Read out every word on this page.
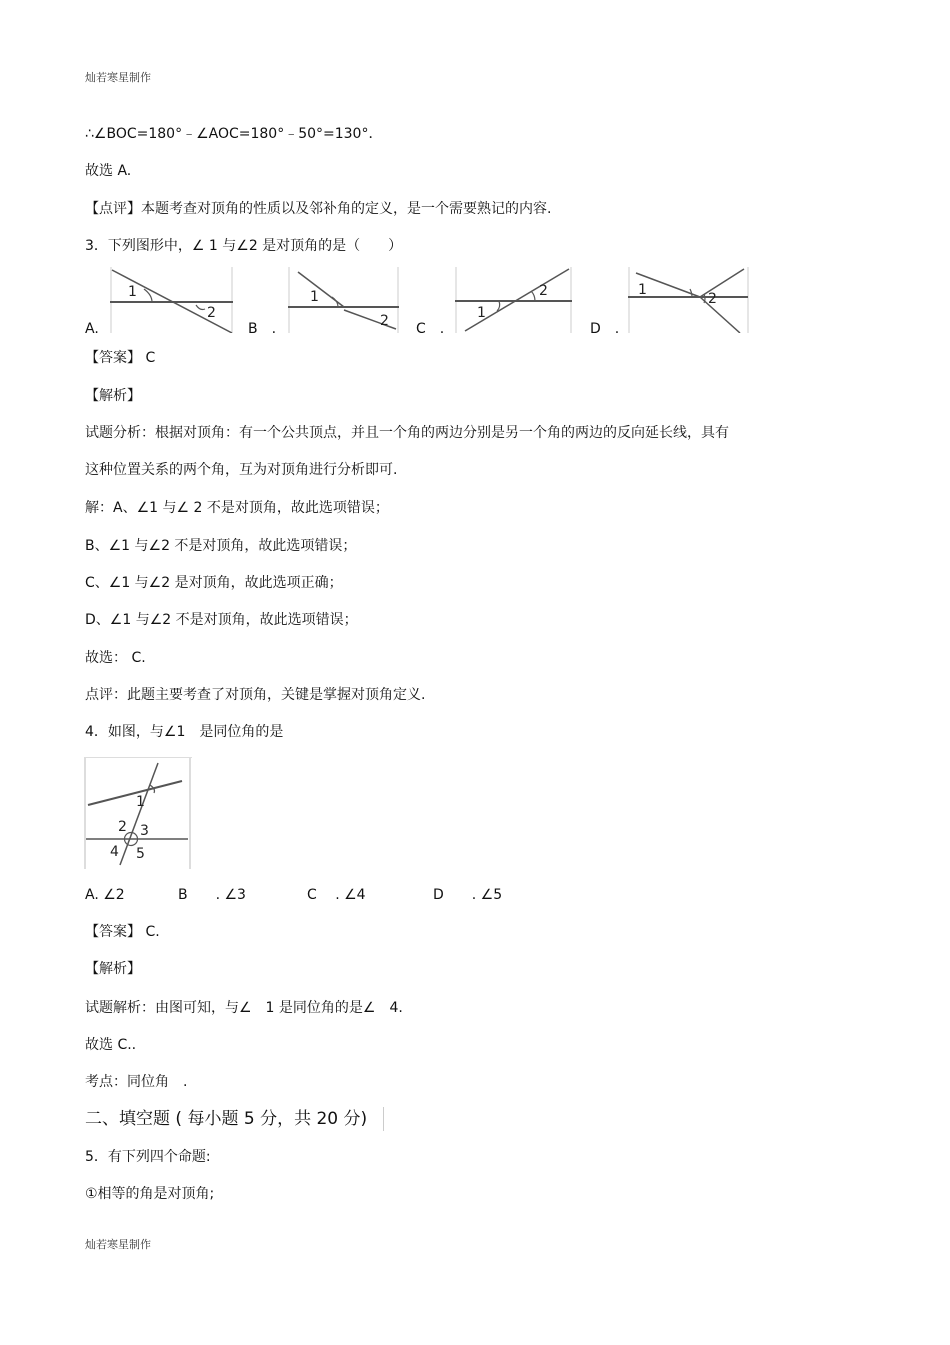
灿若寒星制作
∴∠BOC=180°﹣∠AOC=180°﹣50°=130°．
故选 A.
【点评】本题考查对顶角的性质以及邻补角的定义，是一个需要熟记的内容.
3．下列图形中，∠ 1 与∠2 是对顶角的是（　　）
A.
1
2
B　.
1
2 C　.
1
2
D　.
1
2
【答案】 C
【解析】
试题分析：根据对顶角：有一个公共顶点，并且一个角的两边分别是另一个角的两边的反向延长线，具有
这种位置关系的两个角，互为对顶角进行分析即可.
解：A、∠1 与∠ 2 不是对顶角，故此选项错误；
B、∠1 与∠2 不是对顶角，故此选项错误；
C、∠1 与∠2 是对顶角，故此选项正确；
D、∠1 与∠2 不是对顶角，故此选项错误；
故选： C.
点评：此题主要考查了对顶角，关键是掌握对顶角定义.
4．如图，与∠1　是同位角的是
1
2 3
4 5
A. ∠2	B　　. ∠3	C　 . ∠4	D　　. ∠5
【答案】 C.
【解析】
试题解析：由图可知，与∠　1 是同位角的是∠　4.
故选 C..
考点：同位角　.
二、填空题 ( 每小题 5 分，共 20 分)
5．有下列四个命题:
①相等的角是对顶角;
灿若寒星制作
